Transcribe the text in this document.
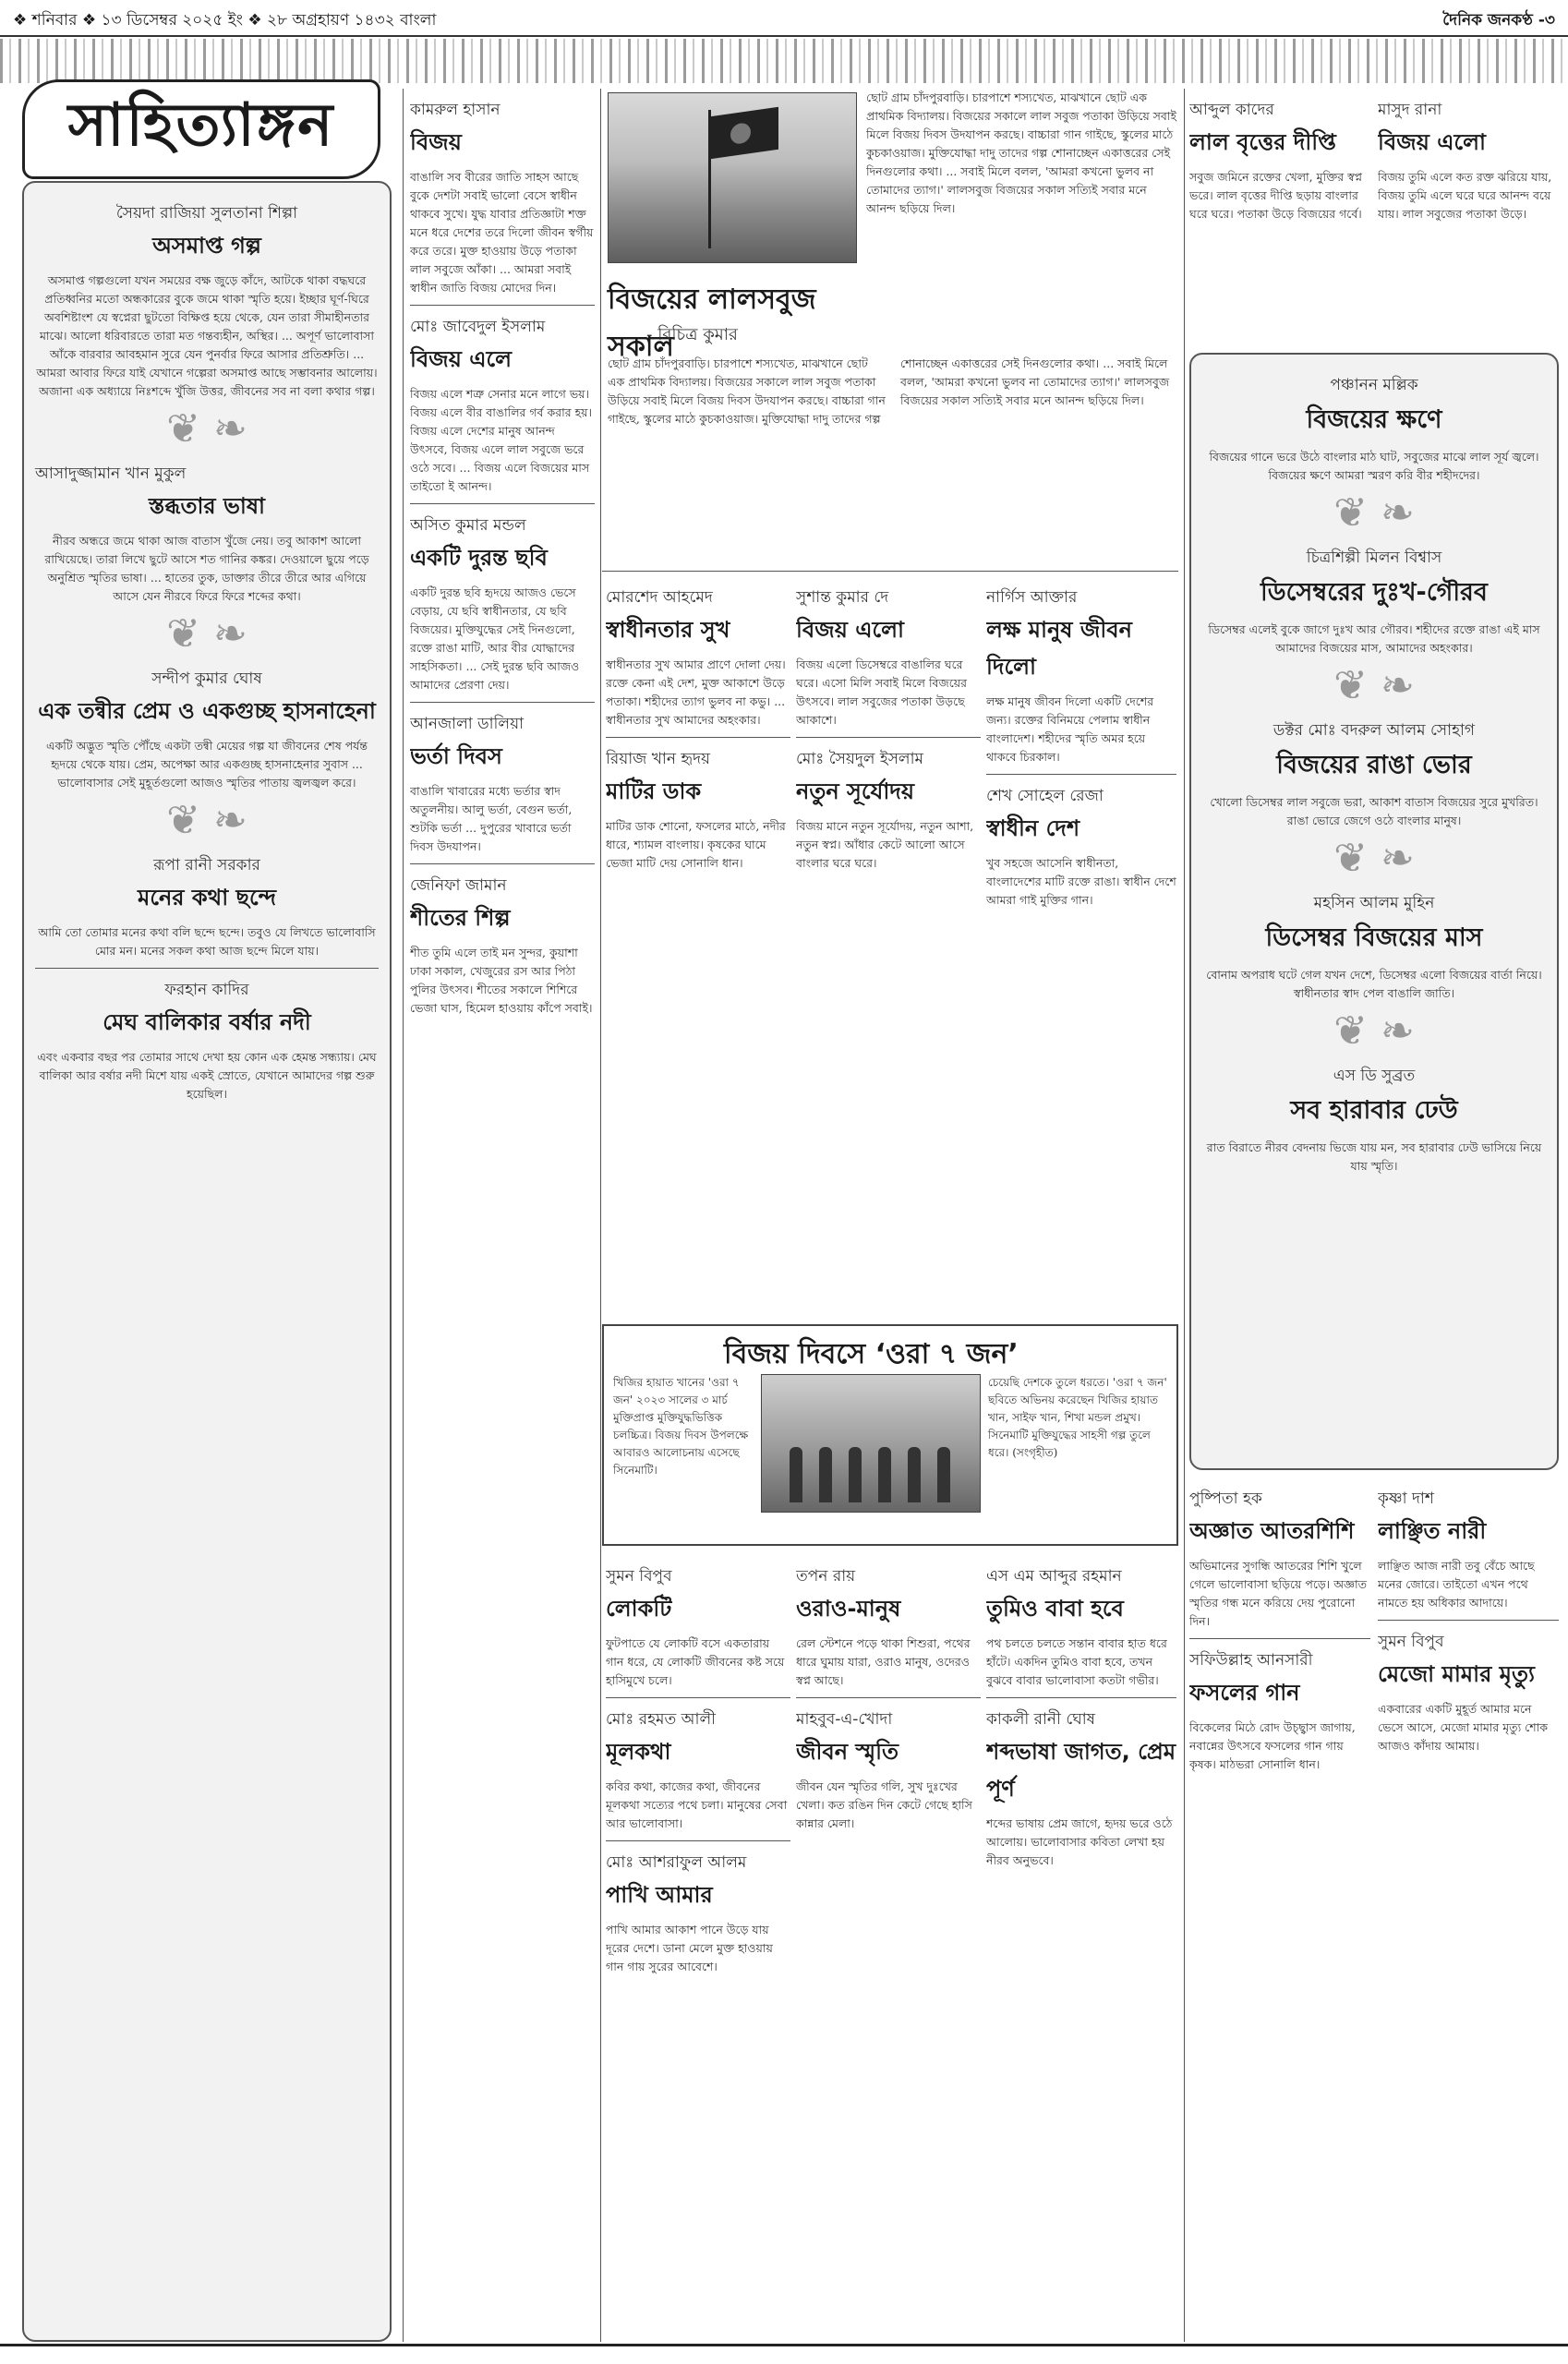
❖ শনিবার ❖ ১৩ ডিসেম্বর ২০২৫ ইং ❖ ২৮ অগ্রহায়ণ ১৪৩২ বাংলা	দৈনিক জনকণ্ঠ -৩
সাহিত্যাঙ্গন
সৈয়দা রাজিয়া সুলতানা শিল্পা
অসমাপ্ত গল্প
অসমাপ্ত গল্পগুলো যখন সময়ের বক্ষ জুড়ে কাঁদে, আটকে থাকা বদ্ধঘরে প্রতিধ্বনির মতো অন্ধকারের বুকে জমে থাকা স্মৃতি হয়ে। ইচ্ছার ঘূর্ণ-ঘিরে অবশিষ্টাংশ যে স্বপ্নেরা ছুটতো বিক্ষিপ্ত হয়ে থেকে, যেন তারা সীমাহীনতার মাঝে। আলো ধরিবারতে তারা মত গন্তব্যহীন, অস্থির। ... অপূর্ণ ভালোবাসা আঁকে বারবার আবহমান সুরে যেন পুনর্বার ফিরে আসার প্রতিশ্রুতি। ... আমরা আবার ফিরে যাই যেখানে গল্পেরা অসমাপ্ত আছে সম্ভাবনার আলোয়। অজানা এক অধ্যায়ে নিঃশব্দে খুঁজি উত্তর, জীবনের সব না বলা কথার গল্প।
❦ ❧
আসাদুজ্জামান খান মুকুল
স্তব্ধতার ভাষা
নীরব অন্ধরে জমে থাকা আজ বাতাস খুঁজে নেয়। তবু আকাশ আলো রাখিয়েছে। তারা লিখে ছুটে আসে শত গানির কঙ্কর। দেওয়ালে ছুয়ে পড়ে অনুশ্রিত স্মৃতির ভাষা। ... হাতের তুক, ডাক্তার তীরে তীরে আর এগিয়ে আসে যেন নীরবে ফিরে ফিরে শব্দের কথা।
❦ ❧
সন্দীপ কুমার ঘোষ
এক তন্বীর প্রেম ও একগুচ্ছ হাসনাহেনা
একটি অদ্ভুত স্মৃতি পৌঁছে একটা তন্বী মেয়ের গল্প যা জীবনের শেষ পর্যন্ত হৃদয়ে থেকে যায়। প্রেম, অপেক্ষা আর একগুচ্ছ হাসনাহেনার সুবাস ... ভালোবাসার সেই মুহূর্তগুলো আজও স্মৃতির পাতায় জ্বলজ্বল করে।
❦ ❧
রূপা রানী সরকার
মনের কথা ছন্দে
আমি তো তোমার মনের কথা বলি ছন্দে ছন্দে। তবুও যে লিখতে ভালোবাসি মোর মন। মনের সকল কথা আজ ছন্দে মিলে যায়।
ফরহান কাদির
মেঘ বালিকার বর্ষার নদী
এবং একবার বছর পর তোমার সাথে দেখা হয় কোন এক হেমন্ত সন্ধ্যায়। মেঘ বালিকা আর বর্ষার নদী মিশে যায় একই স্রোতে, যেখানে আমাদের গল্প শুরু হয়েছিল।
কামরুল হাসান
বিজয়
বাঙালি সব বীরের জাতি সাহস আছে বুকে দেশটা সবাই ভালো বেসে স্বাধীন থাকবে সুখে। যুদ্ধ যাবার প্রতিজ্ঞাটা শক্ত মনে ধরে দেশের তরে দিলো জীবন স্বর্গীয় করে তরে। মুক্ত হাওয়ায় উড়ে পতাকা লাল সবুজে আঁকা। ... আমরা সবাই স্বাধীন জাতি বিজয় মোদের দিন।
মোঃ জাবেদুল ইসলাম
বিজয় এলে
বিজয় এলে শত্রু সেনার মনে লাগে ভয়। বিজয় এলে বীর বাঙালির গর্ব করার হয়। বিজয় এলে দেশের মানুষ আনন্দ উৎসবে, বিজয় এলে লাল সবুজে ভরে ওঠে সবে। ... বিজয় এলে বিজয়ের মাস তাইতো ই আনন্দ।
অসিত কুমার মন্ডল
একটি দুরন্ত ছবি
একটি দুরন্ত ছবি হৃদয়ে আজও ভেসে বেড়ায়, যে ছবি স্বাধীনতার, যে ছবি বিজয়ের। মুক্তিযুদ্ধের সেই দিনগুলো, রক্তে রাঙা মাটি, আর বীর যোদ্ধাদের সাহসিকতা। ... সেই দুরন্ত ছবি আজও আমাদের প্রেরণা দেয়।
আনজালা ডালিয়া
ভর্তা দিবস
বাঙালি খাবারের মধ্যে ভর্তার স্বাদ অতুলনীয়। আলু ভর্তা, বেগুন ভর্তা, শুটকি ভর্তা ... দুপুরের খাবারে ভর্তা দিবস উদযাপন।
জেনিফা জামান
শীতের শিল্প
শীত তুমি এলে তাই মন সুন্দর, কুয়াশা ঢাকা সকাল, খেজুরের রস আর পিঠা পুলির উৎসব। শীতের সকালে শিশিরে ভেজা ঘাস, হিমেল হাওয়ায় কাঁপে সবাই।
বিজয়ের লালসবুজ সকাল
- বিচিত্র কুমার
ছোট গ্রাম চাঁদপুরবাড়ি। চারপাশে শস্যখেত, মাঝখানে ছোট এক প্রাথমিক বিদ্যালয়। বিজয়ের সকালে লাল সবুজ পতাকা উড়িয়ে সবাই মিলে বিজয় দিবস উদযাপন করছে। বাচ্চারা গান গাইছে, স্কুলের মাঠে কুচকাওয়াজ। মুক্তিযোদ্ধা দাদু তাদের গল্প শোনাচ্ছেন একাত্তরের সেই দিনগুলোর কথা। ... সবাই মিলে বলল, 'আমরা কখনো ভুলব না তোমাদের ত্যাগ।' লালসবুজ বিজয়ের সকাল সত্যিই সবার মনে আনন্দ ছড়িয়ে দিল।
ছোট গ্রাম চাঁদপুরবাড়ি। চারপাশে শস্যখেত, মাঝখানে ছোট এক প্রাথমিক বিদ্যালয়। বিজয়ের সকালে লাল সবুজ পতাকা উড়িয়ে সবাই মিলে বিজয় দিবস উদযাপন করছে। বাচ্চারা গান গাইছে, স্কুলের মাঠে কুচকাওয়াজ। মুক্তিযোদ্ধা দাদু তাদের গল্প শোনাচ্ছেন একাত্তরের সেই দিনগুলোর কথা। ... সবাই মিলে বলল, 'আমরা কখনো ভুলব না তোমাদের ত্যাগ।' লালসবুজ বিজয়ের সকাল সত্যিই সবার মনে আনন্দ ছড়িয়ে দিল।
মোরশেদ আহমেদ
স্বাধীনতার সুখ
স্বাধীনতার সুখ আমার প্রাণে দোলা দেয়। রক্তে কেনা এই দেশ, মুক্ত আকাশে উড়ে পতাকা। শহীদের ত্যাগ ভুলব না কভু। ... স্বাধীনতার সুখ আমাদের অহংকার।
রিয়াজ খান হৃদয়
মাটির ডাক
মাটির ডাক শোনো, ফসলের মাঠে, নদীর ধারে, শ্যামল বাংলায়। কৃষকের ঘামে ভেজা মাটি দেয় সোনালি ধান।
সুশান্ত কুমার দে
বিজয় এলো
বিজয় এলো ডিসেম্বরে বাঙালির ঘরে ঘরে। এসো মিলি সবাই মিলে বিজয়ের উৎসবে। লাল সবুজের পতাকা উড়ছে আকাশে।
মোঃ সৈয়দুল ইসলাম
নতুন সূর্যোদয়
বিজয় মানে নতুন সূর্যোদয়, নতুন আশা, নতুন স্বপ্ন। আঁধার কেটে আলো আসে বাংলার ঘরে ঘরে।
নার্গিস আক্তার
লক্ষ মানুষ জীবন দিলো
লক্ষ মানুষ জীবন দিলো একটি দেশের জন্য। রক্তের বিনিময়ে পেলাম স্বাধীন বাংলাদেশ। শহীদের স্মৃতি অমর হয়ে থাকবে চিরকাল।
শেখ সোহেল রেজা
স্বাধীন দেশ
খুব সহজে আসেনি স্বাধীনতা, বাংলাদেশের মাটি রক্তে রাঙা। স্বাধীন দেশে আমরা গাই মুক্তির গান।
বিজয় দিবসে ‘ওরা ৭ জন’
খিজির হায়াত খানের 'ওরা ৭ জন' ২০২৩ সালের ৩ মার্চ মুক্তিপ্রাপ্ত মুক্তিযুদ্ধভিত্তিক চলচ্চিত্র। বিজয় দিবস উপলক্ষে আবারও আলোচনায় এসেছে সিনেমাটি।
চেয়েছি দেশকে তুলে ধরতে। 'ওরা ৭ জন' ছবিতে অভিনয় করেছেন খিজির হায়াত খান, সাইফ খান, শিখা মন্ডল প্রমুখ। সিনেমাটি মুক্তিযুদ্ধের সাহসী গল্প তুলে ধরে। (সংগৃহীত)
সুমন বিপুব
লোকটি
ফুটপাতে যে লোকটি বসে একতারায় গান ধরে, যে লোকটি জীবনের কষ্ট সয়ে হাসিমুখে চলে।
মোঃ রহমত আলী
মূলকথা
কবির কথা, কাজের কথা, জীবনের মূলকথা সত্যের পথে চলা। মানুষের সেবা আর ভালোবাসা।
মোঃ আশরাফুল আলম
পাখি আমার
পাখি আমার আকাশ পানে উড়ে যায় দূরের দেশে। ডানা মেলে মুক্ত হাওয়ায় গান গায় সুরের আবেশে।
তপন রায়
ওরাও-মানুষ
রেল স্টেশনে পড়ে থাকা শিশুরা, পথের ধারে ঘুমায় যারা, ওরাও মানুষ, ওদেরও স্বপ্ন আছে।
মাহবুব-এ-খোদা
জীবন স্মৃতি
জীবন যেন স্মৃতির গলি, সুখ দুঃখের খেলা। কত রঙিন দিন কেটে গেছে হাসি কান্নার মেলা।
এস এম আব্দুর রহমান
তুমিও বাবা হবে
পথ চলতে চলতে সন্তান বাবার হাত ধরে হাঁটে। একদিন তুমিও বাবা হবে, তখন বুঝবে বাবার ভালোবাসা কতটা গভীর।
কাকলী রানী ঘোষ
শব্দভাষা জাগত, প্রেম পূর্ণ
শব্দের ভাষায় প্রেম জাগে, হৃদয় ভরে ওঠে আলোয়। ভালোবাসার কবিতা লেখা হয় নীরব অনুভবে।
আব্দুল কাদের
লাল বৃত্তের দীপ্তি
সবুজ জমিনে রক্তের খেলা, মুক্তির স্বপ্ন ভরে। লাল বৃত্তের দীপ্তি ছড়ায় বাংলার ঘরে ঘরে। পতাকা উড়ে বিজয়ের গর্বে।
মাসুদ রানা
বিজয় এলো
বিজয় তুমি এলে কত রক্ত ঝরিয়ে যায়, বিজয় তুমি এলে ঘরে ঘরে আনন্দ বয়ে যায়। লাল সবুজের পতাকা উড়ে।
পঞ্চানন মল্লিক
বিজয়ের ক্ষণে
বিজয়ের গানে ভরে উঠে বাংলার মাঠ ঘাট, সবুজের মাঝে লাল সূর্য জ্বলে। বিজয়ের ক্ষণে আমরা স্মরণ করি বীর শহীদদের।
❦ ❧
চিত্রশিল্পী মিলন বিশ্বাস
ডিসেম্বরের দুঃখ-গৌরব
ডিসেম্বর এলেই বুকে জাগে দুঃখ আর গৌরব। শহীদের রক্তে রাঙা এই মাস আমাদের বিজয়ের মাস, আমাদের অহংকার।
❦ ❧
ডক্টর মোঃ বদরুল আলম সোহাগ
বিজয়ের রাঙা ভোর
খোলো ডিসেম্বর লাল সবুজে ভরা, আকাশ বাতাস বিজয়ের সুরে মুখরিত। রাঙা ভোরে জেগে ওঠে বাংলার মানুষ।
❦ ❧
মহসিন আলম মুহিন
ডিসেম্বর বিজয়ের মাস
বোনাম অপরাধ ঘটে গেল যখন দেশে, ডিসেম্বর এলো বিজয়ের বার্তা নিয়ে। স্বাধীনতার স্বাদ পেল বাঙালি জাতি।
❦ ❧
এস ডি সুব্রত
সব হারাবার ঢেউ
রাত বিরাতে নীরব বেদনায় ভিজে যায় মন, সব হারাবার ঢেউ ভাসিয়ে নিয়ে যায় স্মৃতি।
পুষ্পিতা হক
অজ্ঞাত আতরশিশি
অভিমানের সুগন্ধি আতরের শিশি খুলে গেলে ভালোবাসা ছড়িয়ে পড়ে। অজ্ঞাত স্মৃতির গন্ধ মনে করিয়ে দেয় পুরোনো দিন।
সফিউল্লাহ আনসারী
ফসলের গান
বিকেলের মিঠে রোদ উচ্ছ্বাস জাগায়, নবান্নের উৎসবে ফসলের গান গায় কৃষক। মাঠভরা সোনালি ধান।
কৃষ্ণা দাশ
লাঞ্ছিত নারী
লাঞ্ছিত আজ নারী তবু বেঁচে আছে মনের জোরে। তাইতো এখন পথে নামতে হয় অধিকার আদায়ে।
সুমন বিপুব
মেজো মামার মৃত্যু
একবারের একটি মুহূর্ত আমার মনে ভেসে আসে, মেজো মামার মৃত্যু শোক আজও কাঁদায় আমায়।
